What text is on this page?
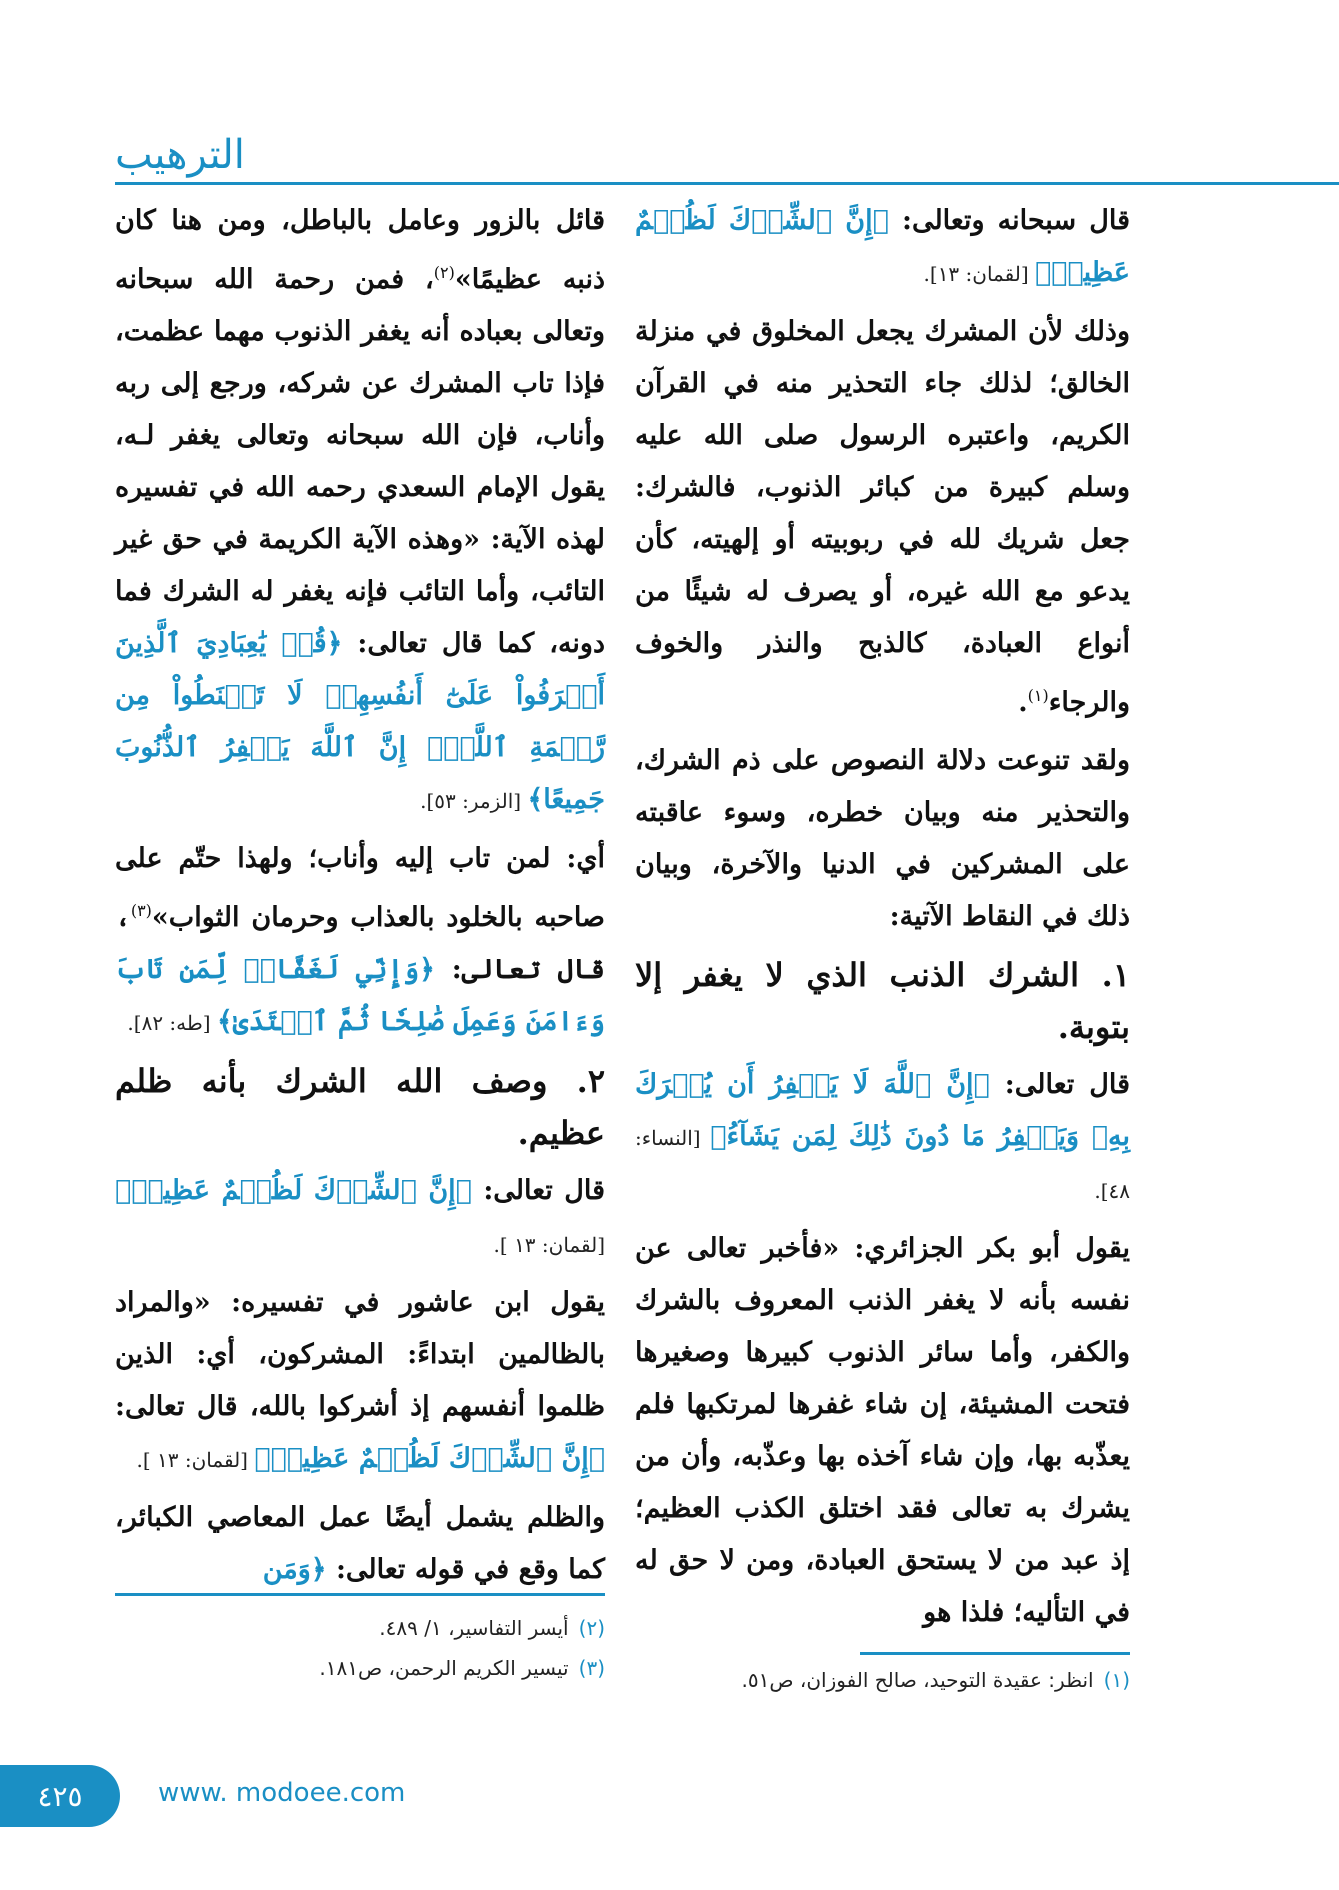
الترهيب

قال سبحانه وتعالى: ﴿إِنَّ ٱلشِّرۡكَ لَظُلۡمٌ عَظِيمٞ﴾ [لقمان: ١٣].

وذلك لأن المشرك يجعل المخلوق في منزلة الخالق؛ لذلك جاء التحذير منه في القرآن الكريم، واعتبره الرسول صلى الله عليه وسلم كبيرة من كبائر الذنوب، فالشرك: جعل شريك لله في ربوبيته أو إلهيته، كأن يدعو مع الله غيره، أو يصرف له شيئًا من أنواع العبادة، كالذبح والنذر والخوف والرجاء$^{(١)}$.

ولقد تنوعت دلالة النصوص على ذم الشرك، والتحذير منه وبيان خطره، وسوء عاقبته على المشركين في الدنيا والآخرة، وبيان ذلك في النقاط الآتية:

١. الشرك الذنب الذي لا يغفر إلا بتوبة.

قال تعالى: ﴿إِنَّ ٱللَّهَ لَا يَغۡفِرُ أَن يُشۡرَكَ بِهِۦ وَيَغۡفِرُ مَا دُونَ ذَٰلِكَ لِمَن يَشَآءُ﴾ [النساء: ٤٨].

يقول أبو بكر الجزائري: «فأخبر تعالى عن نفسه بأنه لا يغفر الذنب المعروف بالشرك والكفر، وأما سائر الذنوب كبيرها وصغيرها فتحت المشيئة، إن شاء غفرها لمرتكبها فلم يعذّبه بها، وإن شاء آخذه بها وعذّبه، وأن من يشرك به تعالى فقد اختلق الكذب العظيم؛ إذ عبد من لا يستحق العبادة، ومن لا حق له في التأليه؛ فلذا هو

قائل بالزور وعامل بالباطل، ومن هنا كان ذنبه عظيمًا»$^{(٢)}$، فمن رحمة الله سبحانه وتعالى بعباده أنه يغفر الذنوب مهما عظمت، فإذا تاب المشرك عن شركه، ورجع إلى ربه وأناب، فإن الله سبحانه وتعالى يغفر لـه، يقول الإمام السعدي رحمه الله في تفسيره لهذه الآية: «وهذه الآية الكريمة في حق غير التائب، وأما التائب فإنه يغفر له الشرك فما دونه، كما قال تعالى: ﴿قُلۡ يَٰعِبَادِيَ ٱلَّذِينَ أَسۡرَفُواْ عَلَىٰٓ أَنفُسِهِمۡ لَا تَقۡنَطُواْ مِن رَّحۡمَةِ ٱللَّهِۚ إِنَّ ٱللَّهَ يَغۡفِرُ ٱلذُّنُوبَ جَمِيعًا﴾ [الزمر: ٥٣].

أي: لمن تاب إليه وأناب؛ ولهذا حتّم على صاحبه بالخلود بالعذاب وحرمان الثواب»$^{(٣)}$، قال تعالى: ﴿وَإِنِّي لَغَفَّارٞ لِّمَن تَابَ وَءَامَنَ وَعَمِلَ صَٰلِحٗا ثُمَّ ٱهۡتَدَىٰ﴾ [طه: ٨٢].

٢. وصف الله الشرك بأنه ظلم عظيم.

قال تعالى: ﴿إِنَّ ٱلشِّرۡكَ لَظُلۡمٌ عَظِيمٞ﴾ [لقمان: ١٣ ].

يقول ابن عاشور في تفسيره: «والمراد بالظالمين ابتداءً: المشركون، أي: الذين ظلموا أنفسهم إذ أشركوا بالله، قال تعالى: ﴿إِنَّ ٱلشِّرۡكَ لَظُلۡمٌ عَظِيمٞ﴾ [لقمان: ١٣ ].

والظلم يشمل أيضًا عمل المعاصي الكبائر، كما وقع في قوله تعالى: ﴿وَمَن

(١)انظر: عقيدة التوحيد، صالح الفوزان، ص٥١.
(٢)أيسر التفاسير، ١/ ٤٨٩.
(٣)تيسير الكريم الرحمن، ص١٨١.
٤٢٥	www. modoee.com
